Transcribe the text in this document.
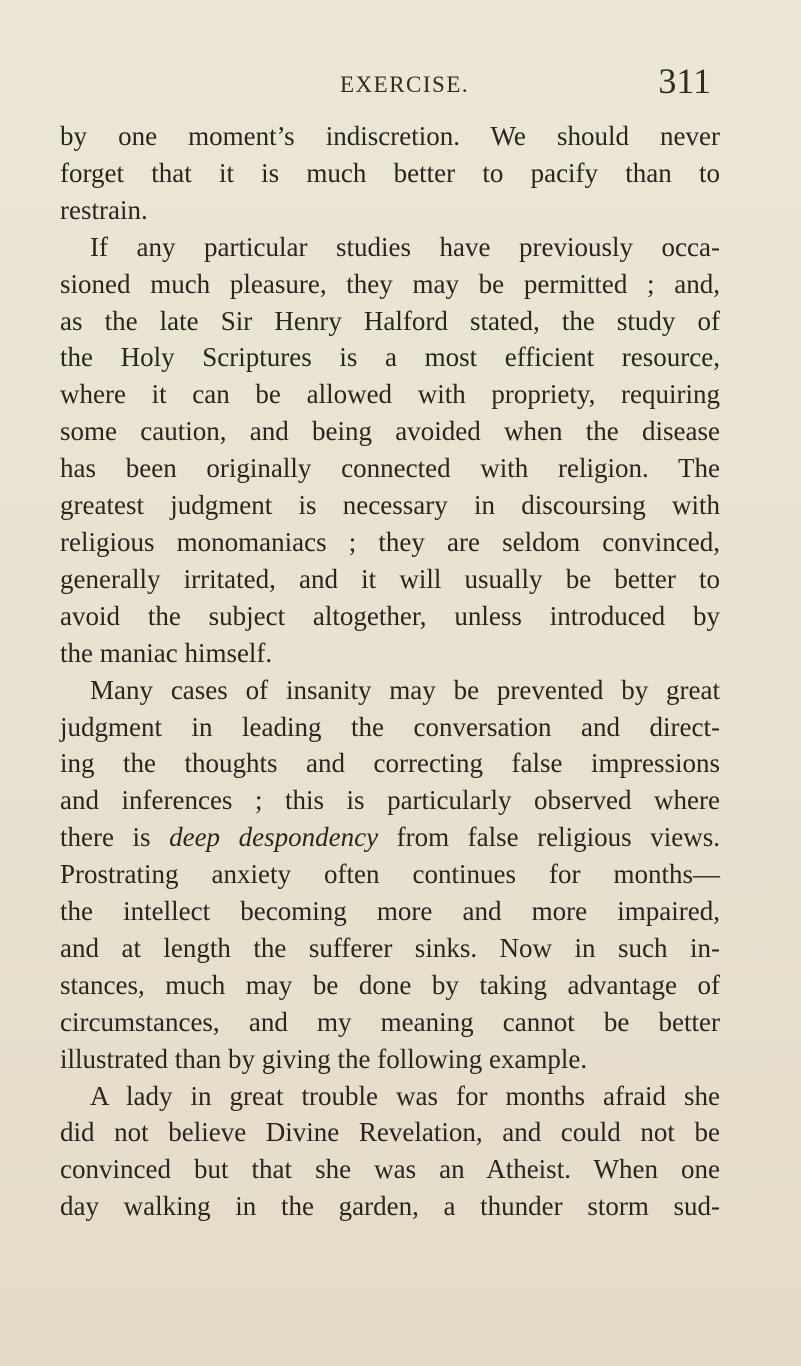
EXERCISE.	311
by one moment’s indiscretion. We should never
forget that it is much better to pacify than to
restrain.
If any particular studies have previously occa-
sioned much pleasure, they may be permitted ; and,
as the late Sir Henry Halford stated, the study of
the Holy Scriptures is a most efficient resource,
where it can be allowed with propriety, requiring
some caution, and being avoided when the disease
has been originally connected with religion. The
greatest judgment is necessary in discoursing with
religious monomaniacs ; they are seldom convinced,
generally irritated, and it will usually be better to
avoid the subject altogether, unless introduced by
the maniac himself.
Many cases of insanity may be prevented by great
judgment in leading the conversation and direct-
ing the thoughts and correcting false impressions
and inferences ; this is particularly observed where
there is deep despondency from false religious views.
Prostrating anxiety often continues for months—
the intellect becoming more and more impaired,
and at length the sufferer sinks. Now in such in-
stances, much may be done by taking advantage of
circumstances, and my meaning cannot be better
illustrated than by giving the following example.
A lady in great trouble was for months afraid she
did not believe Divine Revelation, and could not be
convinced but that she was an Atheist. When one
day walking in the garden, a thunder storm sud-
